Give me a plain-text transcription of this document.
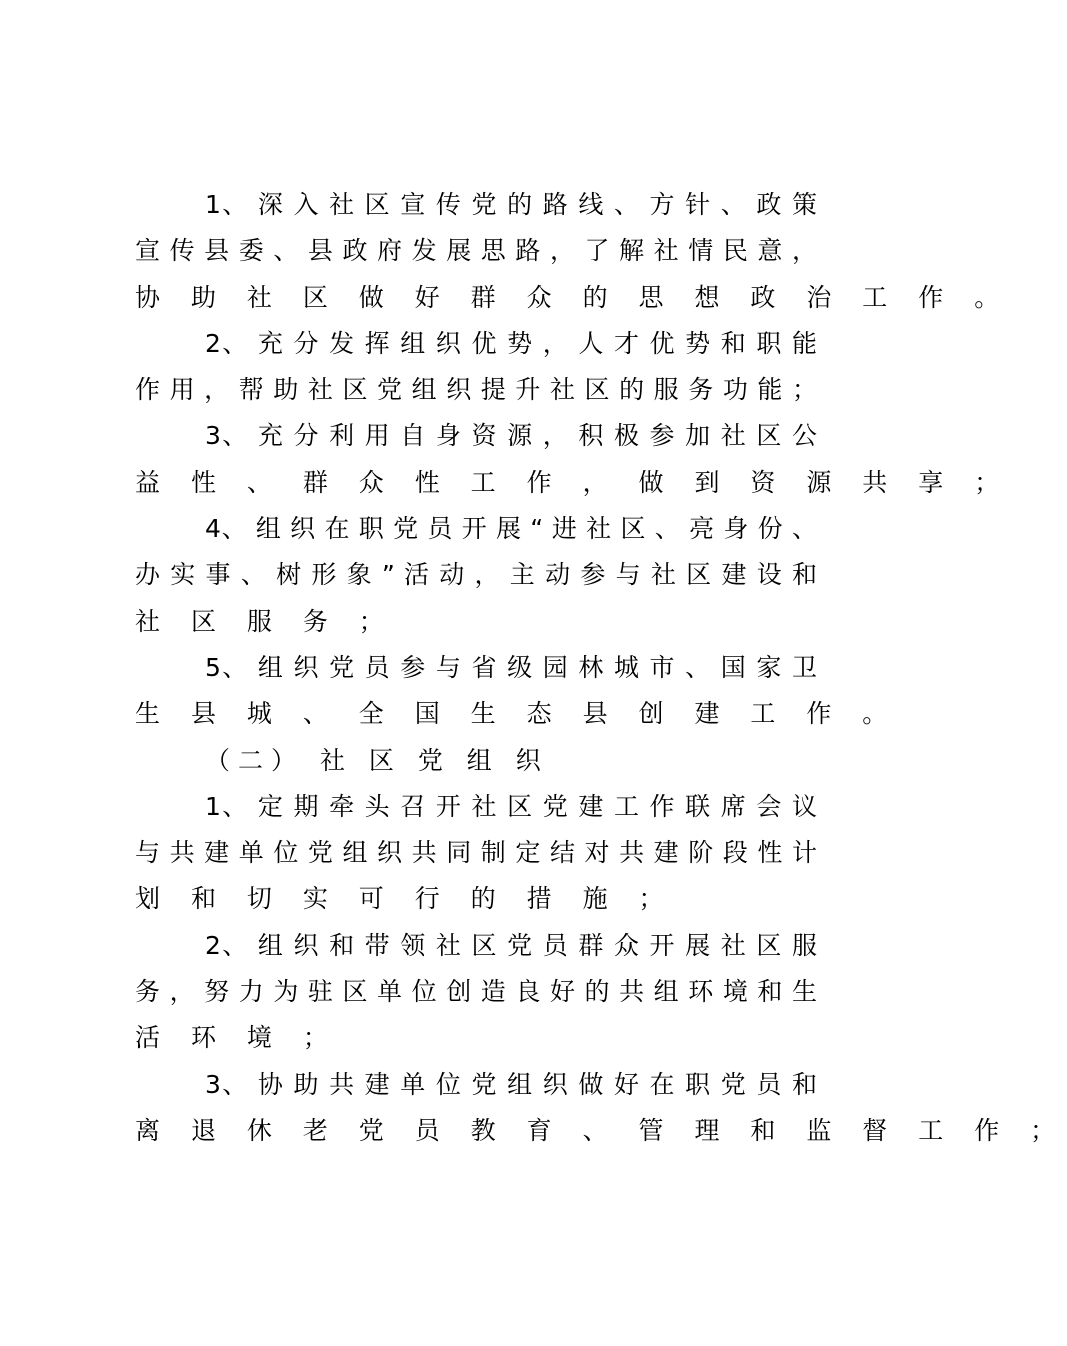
1、 深 入 社 区 宣 传 党 的 路 线 、 方 针 、 政 策
宣 传 县 委 、 县 政 府 发 展 思 路 ， 了 解 社 情 民 意 ，
协 助 社 区 做 好 群 众 的 思 想 政 治 工 作 。
2、 充 分 发 挥 组 织 优 势 ， 人 才 优 势 和 职 能
作 用 ， 帮 助 社 区 党 组 织 提 升 社 区 的 服 务 功 能 ；
3、 充 分 利 用 自 身 资 源 ， 积 极 参 加 社 区 公
益 性 、 群 众 性 工 作 ， 做 到 资 源 共 享 ；
4、 组 织 在 职 党 员 开 展 “ 进 社 区 、 亮 身 份 、
办 实 事 、 树 形 象 ” 活 动 ， 主 动 参 与 社 区 建 设 和
社 区 服 务 ；
5、 组 织 党 员 参 与 省 级 园 林 城 市 、 国 家 卫
生 县 城 、 全 国 生 态 县 创 建 工 作 。
（二） 社 区 党 组 织
1、 定 期 牵 头 召 开 社 区 党 建 工 作 联 席 会 议
与 共 建 单 位 党 组 织 共 同 制 定 结 对 共 建 阶 段 性 计
划 和 切 实 可 行 的 措 施 ；
2、 组 织 和 带 领 社 区 党 员 群 众 开 展 社 区 服
务 ， 努 力 为 驻 区 单 位 创 造 良 好 的 共 组 环 境 和 生
活 环 境 ；
3、 协 助 共 建 单 位 党 组 织 做 好 在 职 党 员 和
离 退 休 老 党 员 教 育 、 管 理 和 监 督 工 作 ；
